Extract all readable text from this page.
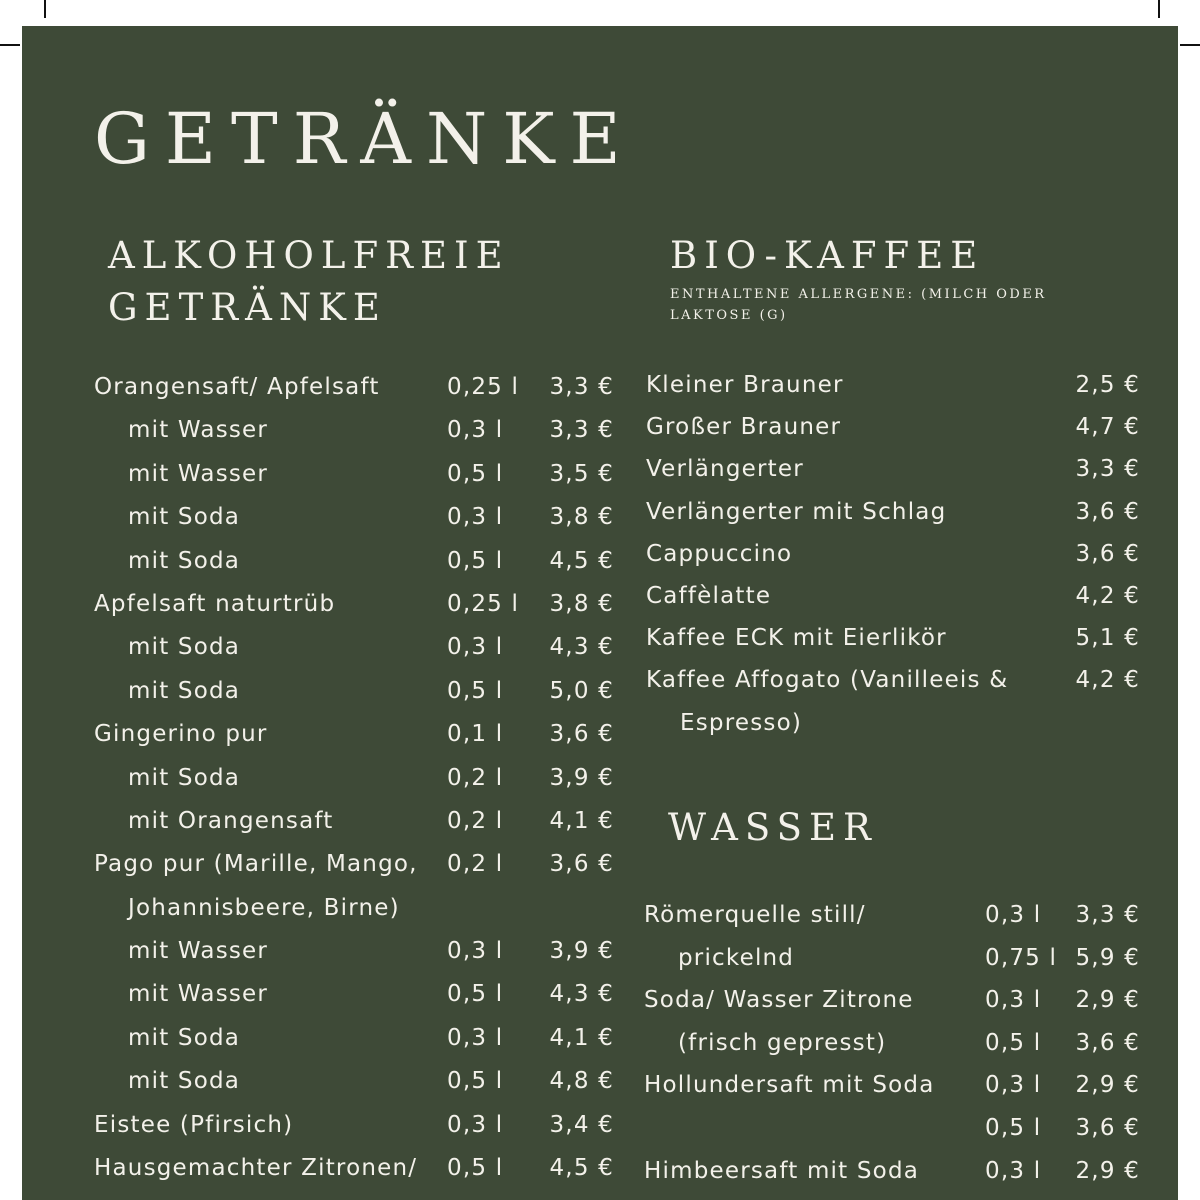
GETRÄNKE
ALKOHOLFREIE
GETRÄNKE
BIO-KAFFEE

ENTHALTENE ALLERGENE: (MILCH ODER LAKTOSE (G)

WASSER
Orangensaft/ Apfelsaft	0,25 l 3,3 €
mit Wasser	0,3 l 3,3 €
mit Wasser	0,5 l 3,5 €
mit Soda	0,3 l 3,8 €
mit Soda	0,5 l 4,5 €
Apfelsaft naturtrüb	0,25 l 3,8 €
mit Soda	0,3 l 4,3 €
mit Soda	0,5 l 5,0 €
Gingerino pur	0,1 l 3,6 €
mit Soda	0,2 l 3,9 €
mit Orangensaft	0,2 l 4,1 €
Pago pur (Marille, Mango, 0,2 l 3,6 €
Johannisbeere, Birne)
mit Wasser	0,3 l 3,9 €
mit Wasser	0,5 l 4,3 €
mit Soda	0,3 l 4,1 €
mit Soda	0,5 l 4,8 €
Eistee (Pfirsich)	0,3 l 3,4 €
Hausgemachter Zitronen/ 0,5 l 4,5 €
Kleiner Brauner	2,5 €
Großer Brauner	4,7 €
Verlängerter	3,3 €
Verlängerter mit Schlag	3,6 €
Cappuccino	3,6 €
Caffèlatte	4,2 €
Kaffee ECK mit Eierlikör	5,1 €
Kaffee Affogato (Vanilleeis &	4,2 €
Espresso)
Römerquelle still/	0,3 l 3,3 €
prickelnd	0,75 l 5,9 €
Soda/ Wasser Zitrone	0,3 l 2,9 €
(frisch gepresst)	0,5 l 3,6 €
Hollundersaft mit Soda 0,3 l 2,9 €
0,5 l 3,6 €
Himbeersaft mit Soda	0,3 l 2,9 €
